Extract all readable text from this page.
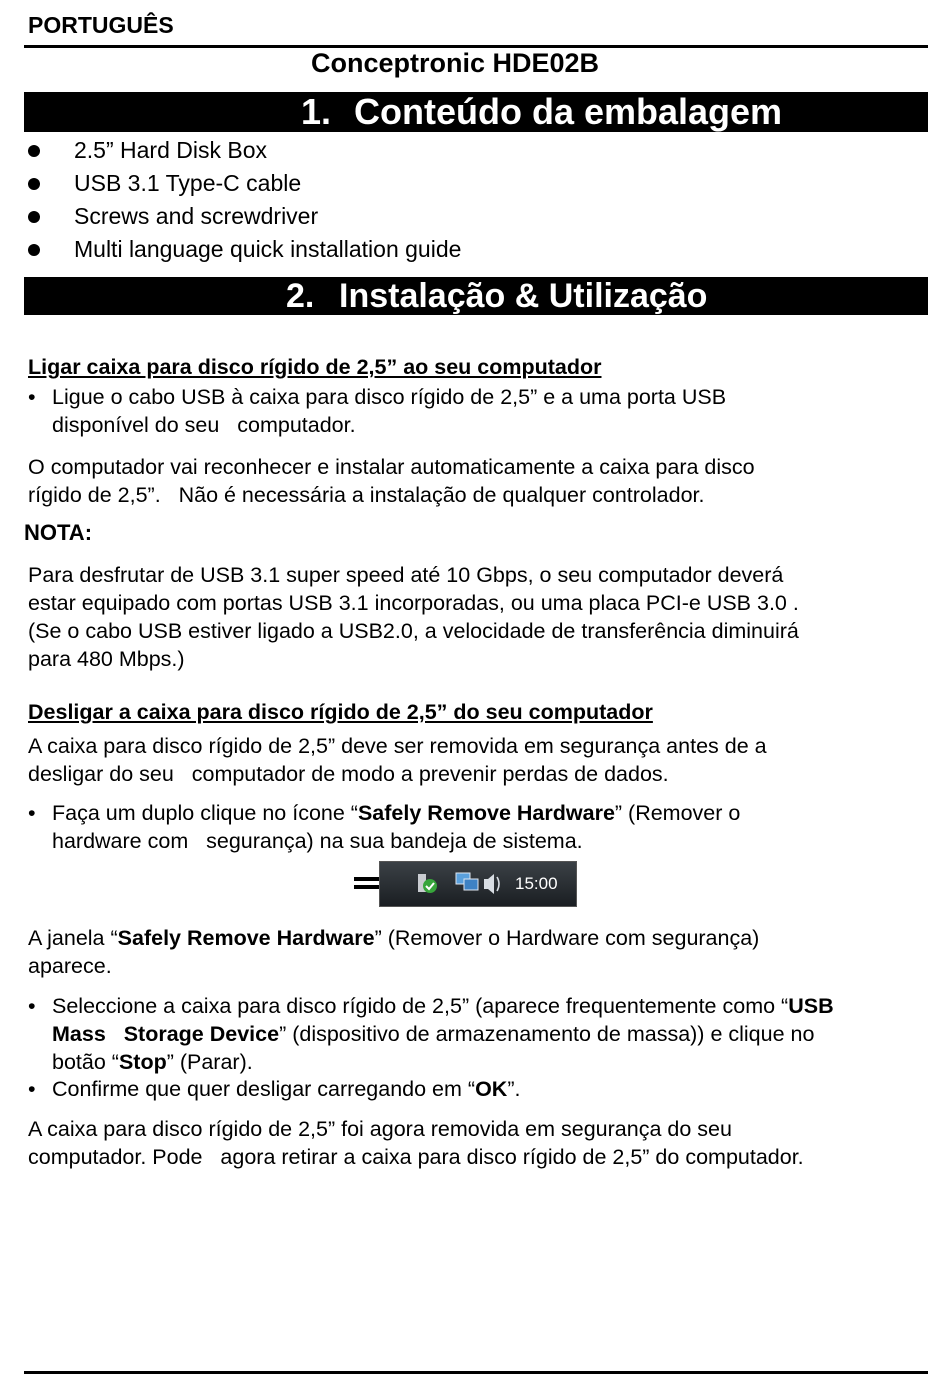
PORTUGUÊS
Conceptronic HDE02B
1. Conteúdo da embalagem
2.5” Hard Disk Box
USB 3.1 Type-C cable
Screws and screwdriver
Multi language quick installation guide
2. Instalação & Utilização
Ligar caixa para disco rígido de 2,5” ao seu computador
• Ligue o cabo USB à caixa para disco rígido de 2,5” e a uma porta USB
disponível do seu   computador.
O computador vai reconhecer e instalar automaticamente a caixa para disco
rígido de 2,5”.   Não é necessária a instalação de qualquer controlador.
NOTA:
Para desfrutar de USB 3.1 super speed até 10 Gbps, o seu computador deverá
estar equipado com portas USB 3.1 incorporadas, ou uma placa PCI-e USB 3.0 .
(Se o cabo USB estiver ligado a USB2.0, a velocidade de transferência diminuirá
para 480 Mbps.)
Desligar a caixa para disco rígido de 2,5” do seu computador
A caixa para disco rígido de 2,5” deve ser removida em segurança antes de a
desligar do seu   computador de modo a prevenir perdas de dados.
• Faça um duplo clique no ícone “Safely Remove Hardware” (Remover o
hardware com   segurança) na sua bandeja de sistema.
15:00
A janela “Safely Remove Hardware” (Remover o Hardware com segurança)
aparece.
• Seleccione a caixa para disco rígido de 2,5” (aparece frequentemente como “USB
Mass   Storage Device” (dispositivo de armazenamento de massa)) e clique no
botão “Stop” (Parar).
• Confirme que quer desligar carregando em “OK”.
A caixa para disco rígido de 2,5” foi agora removida em segurança do seu
computador. Pode   agora retirar a caixa para disco rígido de 2,5” do computador.
